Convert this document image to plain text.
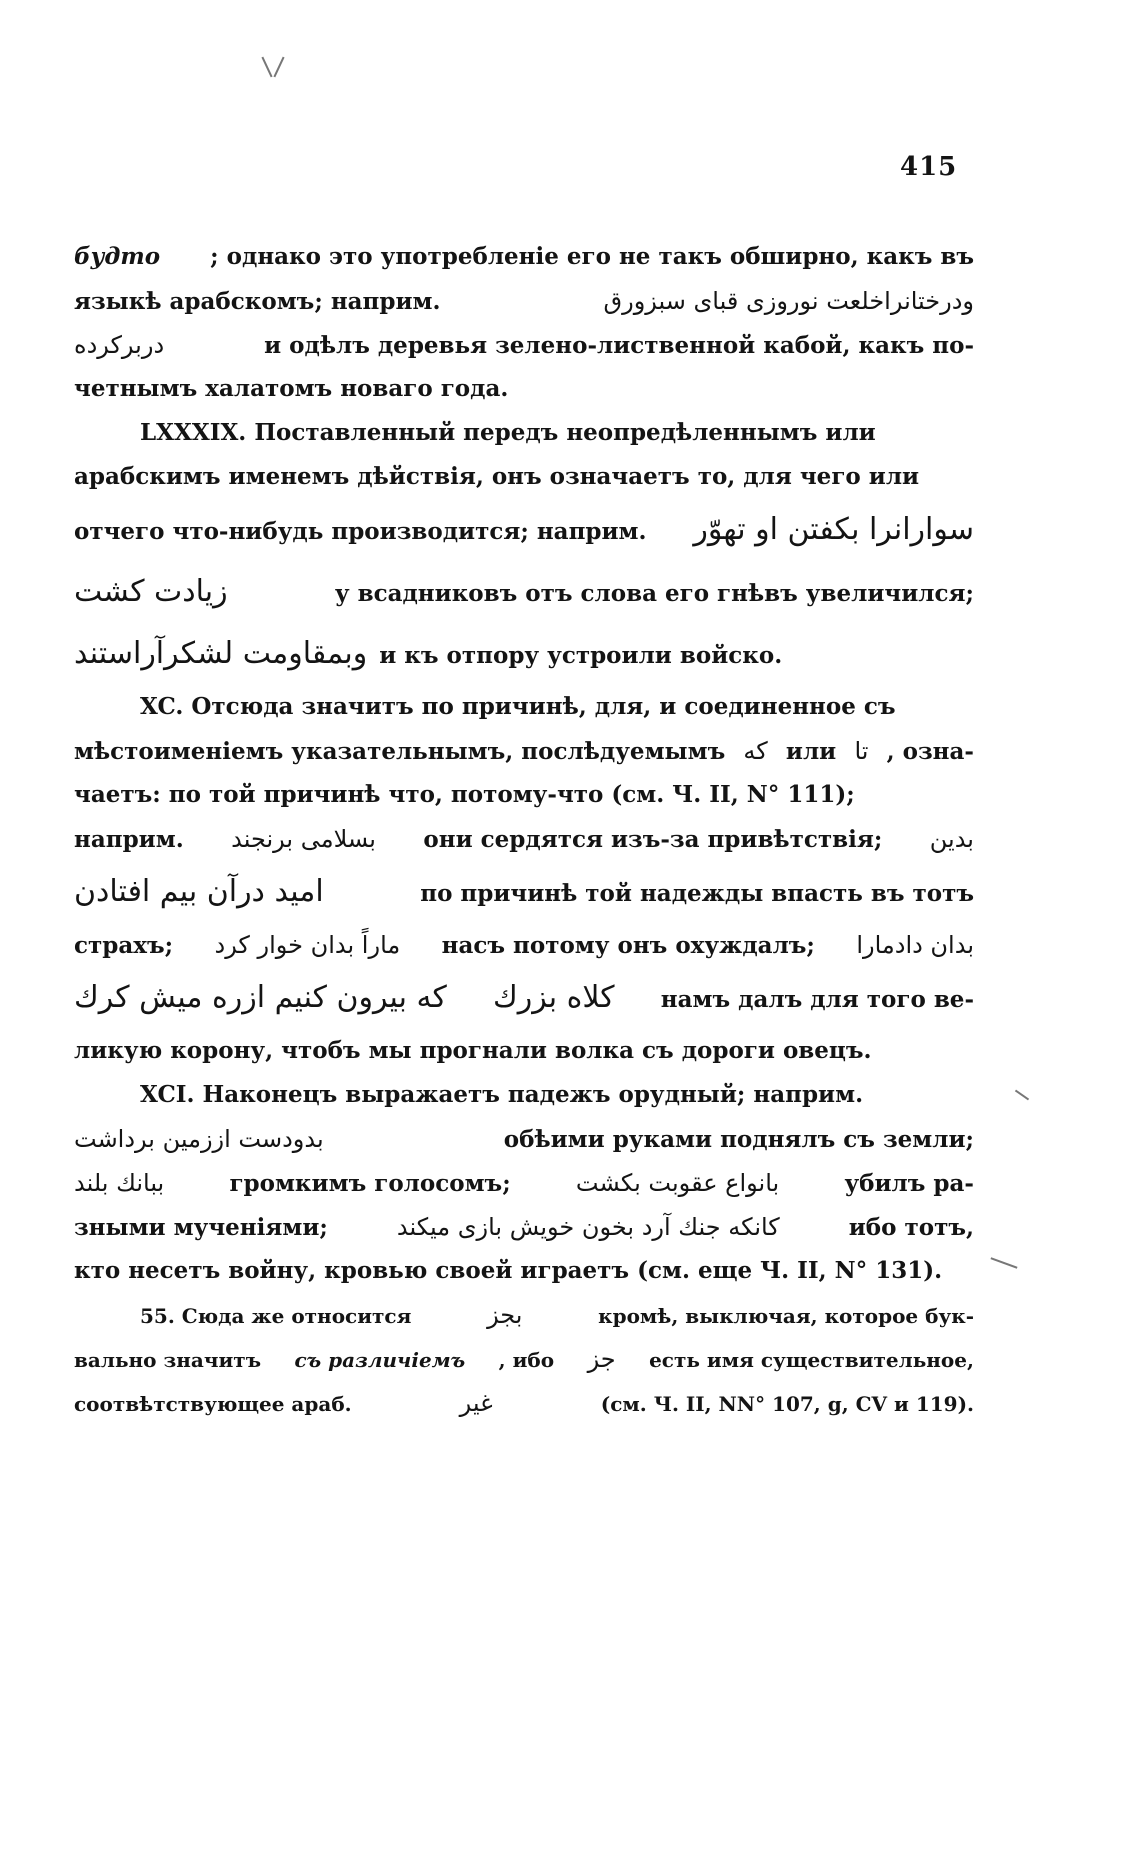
415
будто ; однако это употребленіе его не такъ обширно, какъ въ
языкѣ арабскомъ; наприм.	ودرختانراخلعت نوروزى قباى سبزورق
دربركرده	и одѣлъ деревья зелено-лиственной кабой, какъ по-
четнымъ халатомъ новаго года.
LXXXIX. Поставленный передъ неопредѣленнымъ или
арабскимъ именемъ дѣйствія, онъ означаетъ то, для чего или
отчего что-нибудь производится; наприм. سوارانرا بكفتن او تهوّر
زيادت كشت	у всадниковъ отъ слова его гнѣвъ увеличился;
وبمقاومت لشكرآراستند и къ отпору устроили войско.
XC. Отсюда значитъ по причинѣ, для, и соединенное съ
мѣстоименіемъ указательнымъ, послѣдуемымъ كه или تا , озна-
чаетъ: по той причинѣ что, потому-что (см. Ч. II, N° 111);
наприм. بسلامى برنجند они сердятся изъ-за привѣтствія; بدين
اميد درآن بيم افتادن	по причинѣ той надежды впасть въ тотъ
страхъ; ماراً بدان خوار كرد насъ потому онъ охуждалъ; بدان دادمارا
كه بيرون كنيم ازره ميش كرك كلاه بزرك намъ далъ для того ве-
ликую корону, чтобъ мы прогнали волка съ дороги овецъ.
XCI. Наконецъ выражаетъ падежъ орудный; наприм.
بدودست اززمين برداشت	обѣими руками поднялъ съ земли;
ببانك بلند	громкимъ голосомъ;	بانواع عقوبت بكشت	убилъ ра-
зными мученіями;	كانكه جنك آرد بخون خويش بازى ميكند	ибо тотъ,
кто несетъ войну, кровью своей играетъ (см. еще Ч. II, N° 131).
55. Сюда же относится	بجز	кромѣ, выключая, которое бук-
вально значитъ съ различіемъ , ибо جز есть имя существительное,
соотвѣтствующее араб.	غير	(см. Ч. II, NN° 107, g, CV и 119).
